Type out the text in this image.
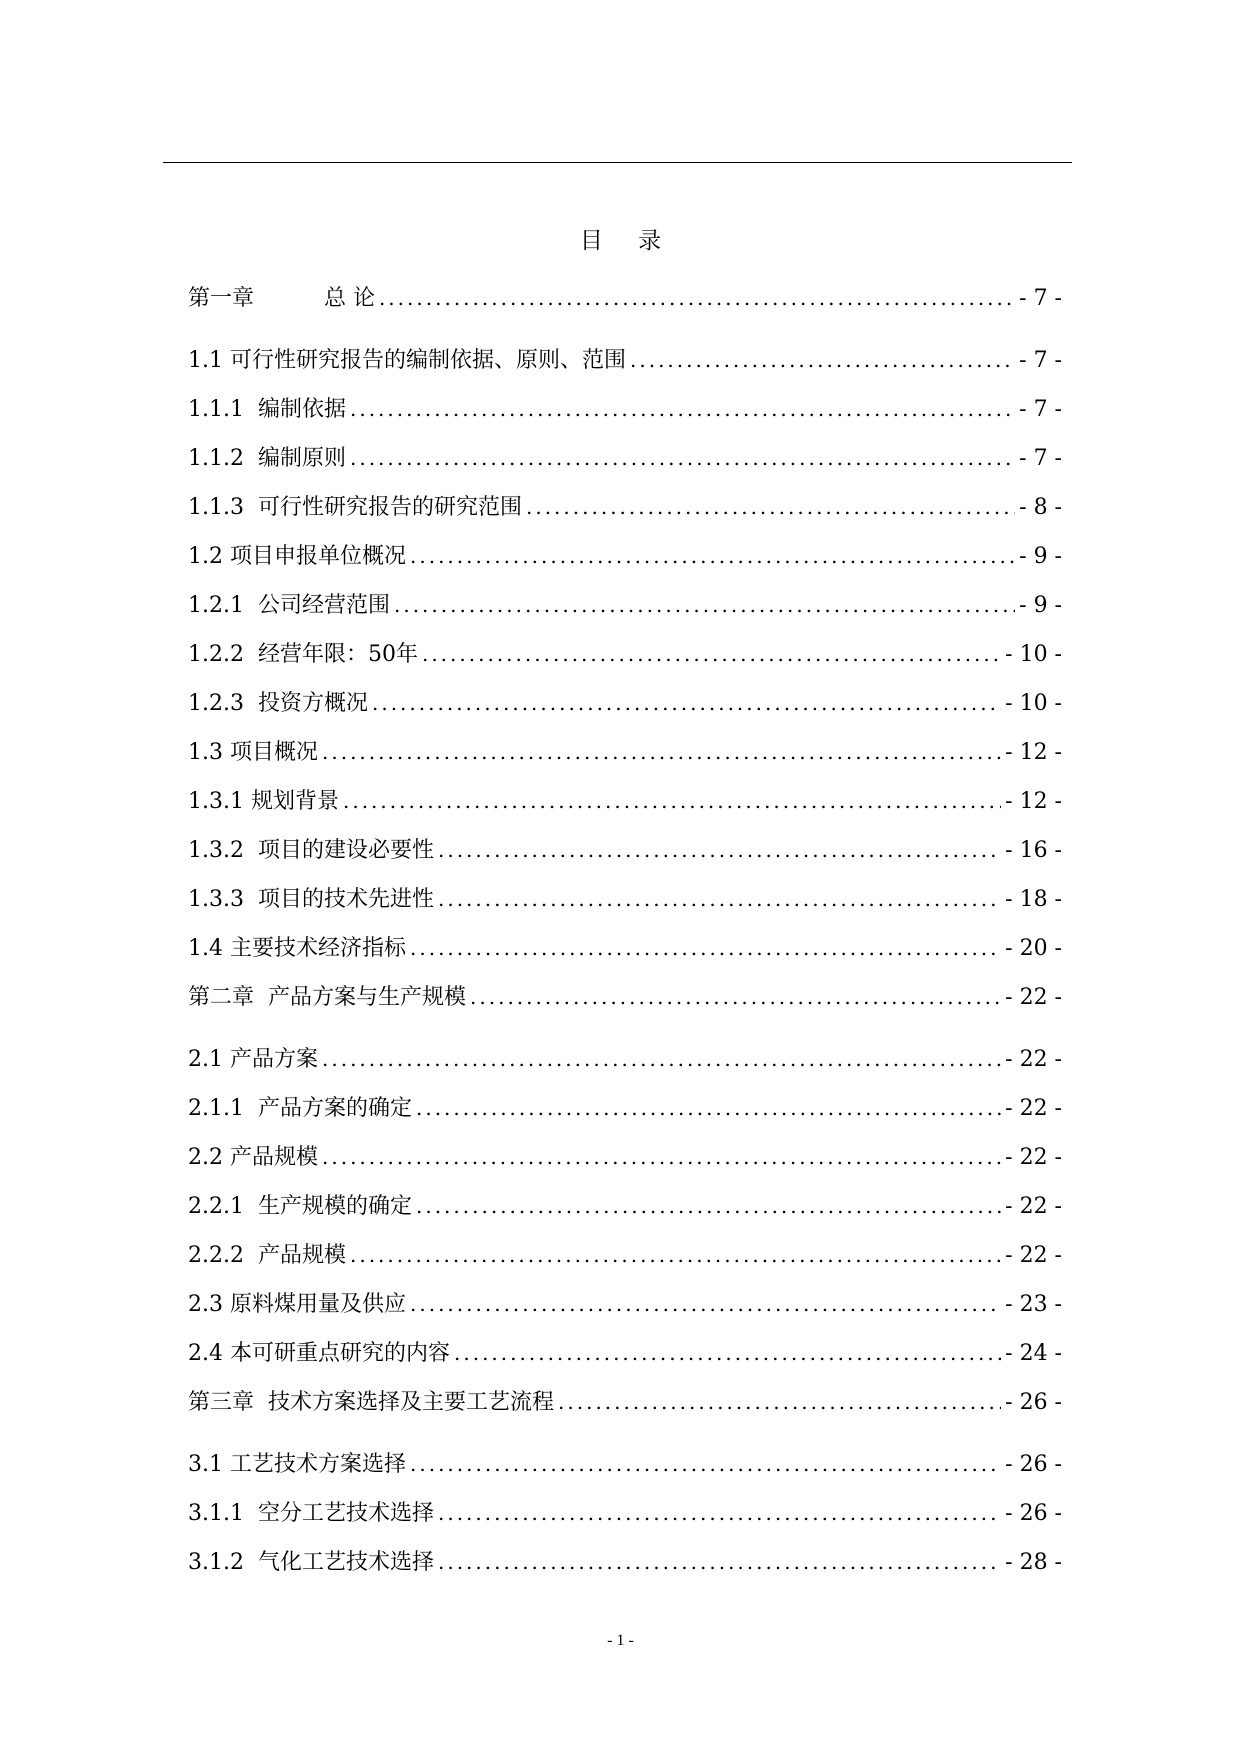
目 录
第一章 总 论 .....	- 7 -
1.1 可行性研究报告的编制依据、原则、范围 .....	- 7 -
1.1.1 编制依据 .....	- 7 -
1.1.2 编制原则 .....	- 7 -
1.1.3 可行性研究报告的研究范围 .....	- 8 -
1.2 项目申报单位概况 .....	- 9 -
1.2.1 公司经营范围 .....	- 9 -
1.2.2 经营年限：50年 .....	- 10 -
1.2.3 投资方概况 .....	- 10 -
1.3 项目概况 .....	- 12 -
1.3.1 规划背景 .....	- 12 -
1.3.2 项目的建设必要性 .....	- 16 -
1.3.3 项目的技术先进性 .....	- 18 -
1.4 主要技术经济指标 .....	- 20 -
第二章 产品方案与生产规模 .....	- 22 -
2.1 产品方案 .....	- 22 -
2.1.1 产品方案的确定 .....	- 22 -
2.2 产品规模 .....	- 22 -
2.2.1 生产规模的确定 .....	- 22 -
2.2.2 产品规模 .....	- 22 -
2.3 原料煤用量及供应 .....	- 23 -
2.4 本可研重点研究的内容 .....	- 24 -
第三章 技术方案选择及主要工艺流程 .....	- 26 -
3.1 工艺技术方案选择 .....	- 26 -
3.1.1 空分工艺技术选择 .....	- 26 -
3.1.2 气化工艺技术选择 .....	- 28 -
- 1 -
